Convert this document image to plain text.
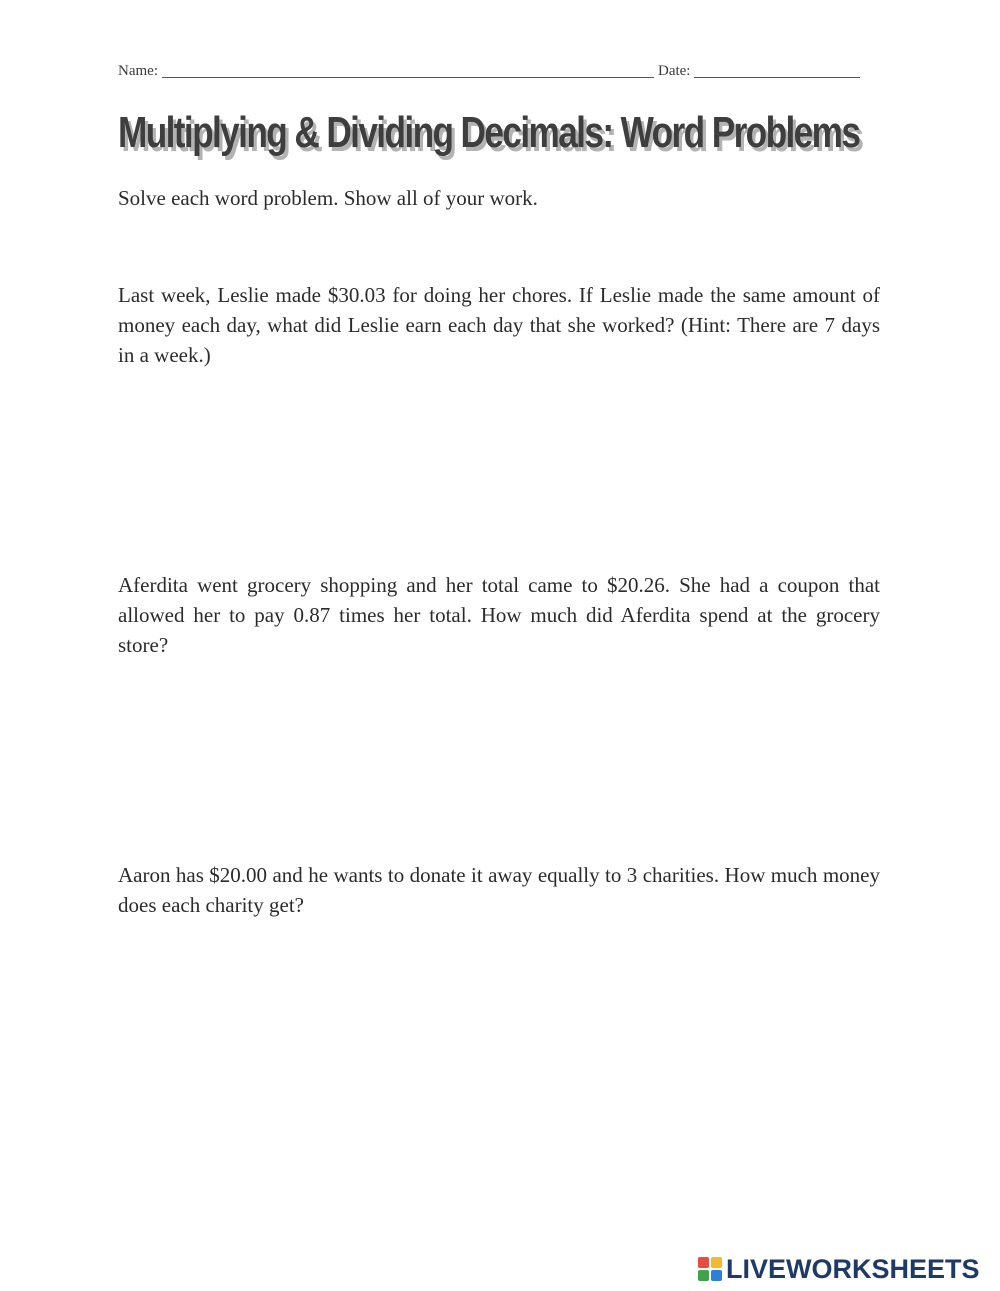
Name:	Date:
Multiplying & Dividing Decimals: Word Problems
Solve each word problem. Show all of your work.
Last week, Leslie made $30.03 for doing her chores. If Leslie made the same amount of money each day, what did Leslie earn each day that she worked? (Hint: There are 7 days in a week.)
Aferdita went grocery shopping and her total came to $20.26. She had a coupon that allowed her to pay 0.87 times her total. How much did Aferdita spend at the grocery store?
Aaron has $20.00 and he wants to donate it away equally to 3 charities. How much money does each charity get?
LIVEWORKSHEETS
